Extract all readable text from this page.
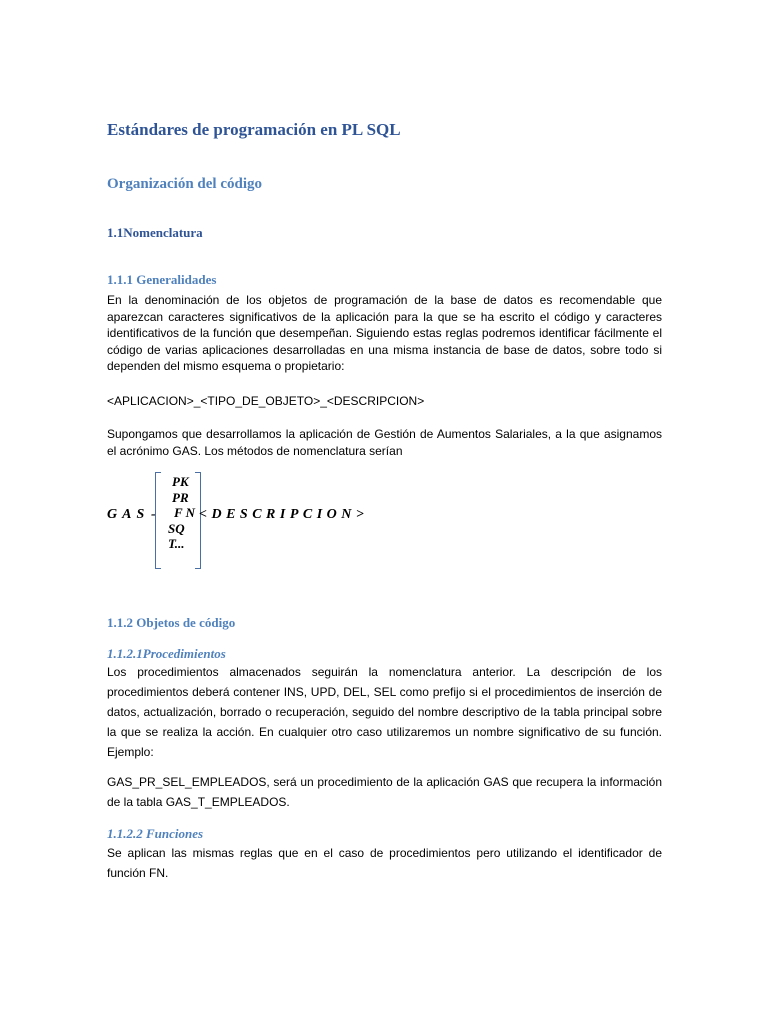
Estándares de programación en PL SQL
Organización del código
1.1Nomenclatura
1.1.1 Generalidades

En la denominación de los objetos de programación de la base de datos es recomendable que aparezcan caracteres significativos de la aplicación para la que se ha escrito el código y caracteres identificativos de la función que desempeñan. Siguiendo estas reglas podremos identificar fácilmente el código de varias aplicaciones desarrolladas en una misma instancia de base de datos, sobre todo si dependen del mismo esquema o propietario:

<APLICACION>_<TIPO_DE_OBJETO>_<DESCRIPCION>

Supongamos que desarrollamos la aplicación de Gestión de Aumentos Salariales, a la que asignamos el acrónimo GAS. Los métodos de nomenclatura serían

GAS -
PK
PR
FN
SQ
T...
<DESCRIPCION>
1.1.2 Objetos de código
1.1.2.1Procedimientos

Los procedimientos almacenados seguirán la nomenclatura anterior. La descripción de los procedimientos deberá contener INS, UPD, DEL, SEL como prefijo si el procedimientos de inserción de datos, actualización, borrado o recuperación, seguido del nombre descriptivo de la tabla principal sobre la que se realiza la acción. En cualquier otro caso utilizaremos un nombre significativo de su función. Ejemplo:

GAS_PR_SEL_EMPLEADOS, será un procedimiento de la aplicación GAS que recupera la información de la tabla GAS_T_EMPLEADOS.

1.1.2.2 Funciones

Se aplican las mismas reglas que en el caso de procedimientos pero utilizando el identificador de función FN.
